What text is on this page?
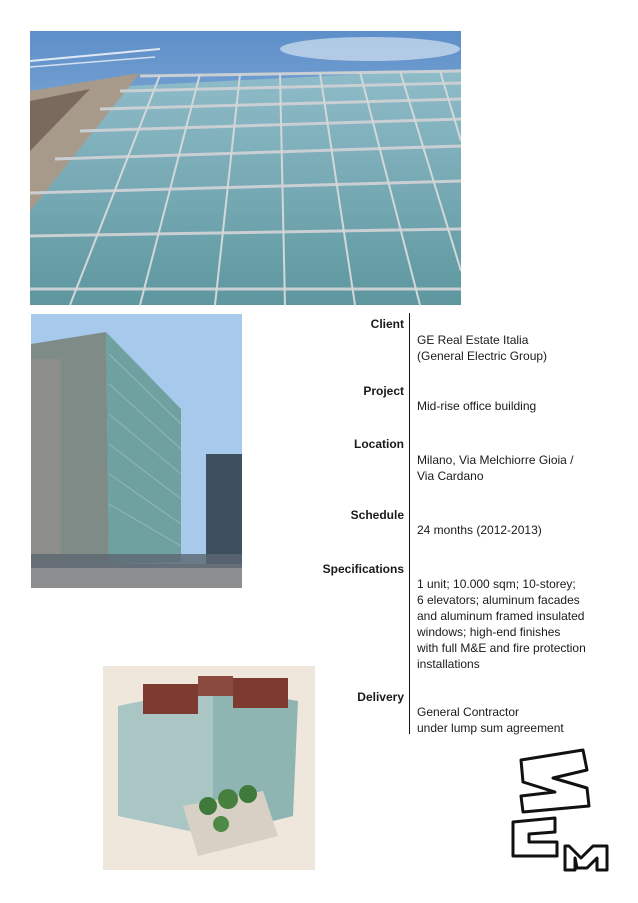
Client
GE Real Estate Italia
(General Electric Group)
Project
Mid-rise office building
Location
Milano, Via Melchiorre Gioia /
Via Cardano
Schedule
24 months (2012-2013)
Specifications
1 unit; 10.000 sqm; 10-storey;
6 elevators; aluminum facades
and aluminum framed insulated
windows; high-end finishes
with full M&E and fire protection
installations
Delivery
General Contractor
under lump sum agreement
